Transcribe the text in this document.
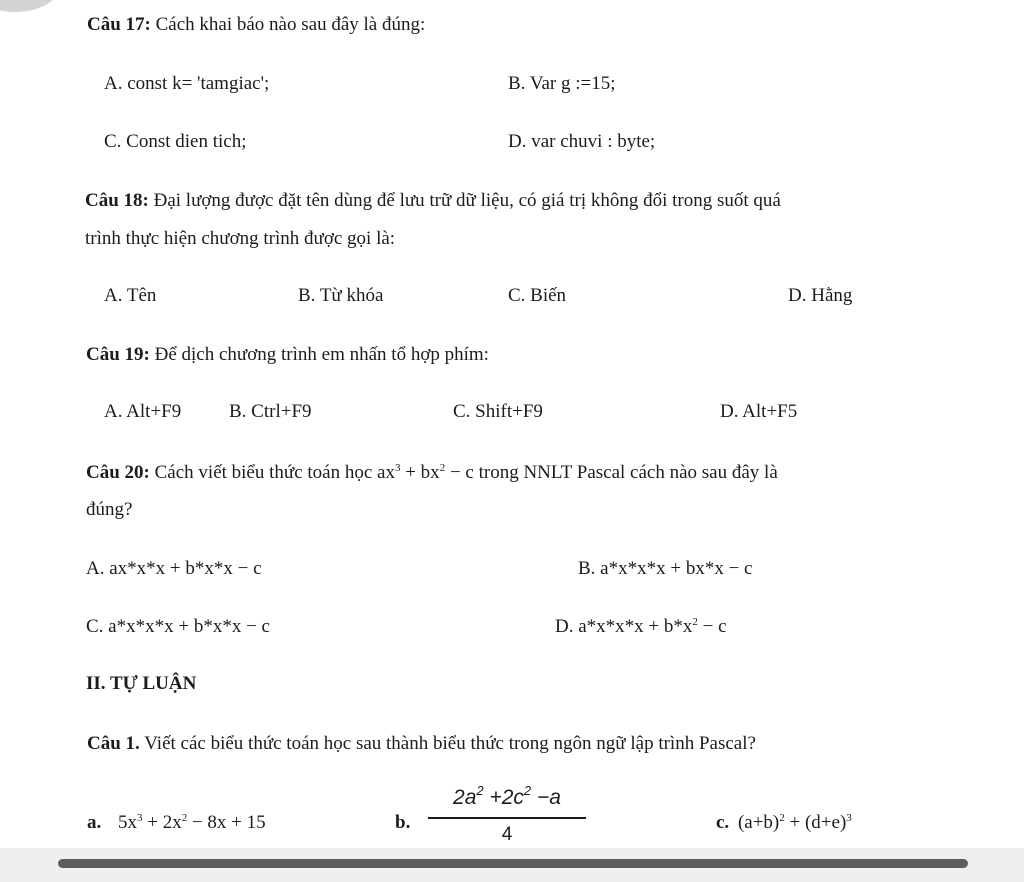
Câu 17: Cách khai báo nào sau đây là đúng:
A. const k= 'tamgiac';	B. Var g :=15;
C. Const dien tich;	D. var chuvi : byte;
Câu 18: Đại lượng được đặt tên dùng để lưu trữ dữ liệu, có giá trị không đổi trong suốt quá
trình thực hiện chương trình được gọi là:
A. Tên	B. Từ khóa	C. Biến	D. Hằng
Câu 19: Để dịch chương trình em nhấn tổ hợp phím:
A. Alt+F9	B. Ctrl+F9	C. Shift+F9	D. Alt+F5
Câu 20: Cách viết biểu thức toán học $ax^3 + bx^2 - c$ trong NNLT Pascal cách nào sau đây là
đúng?
A. ax*x*x + b*x*x − c	B. a*x*x*x + bx*x − c
C. a*x*x*x + b*x*x − c	D. $a*x*x*x + b*x^2 - c$
II. TỰ LUẬN
Câu 1. Viết các biểu thức toán học sau thành biểu thức trong ngôn ngữ lập trình Pascal?
a. $5x^3 + 2x^2 - 8x + 15$	b.
$2a^2 +2c^2 -a$
4
c. $(a+b)^2 + (d+e)^3$
